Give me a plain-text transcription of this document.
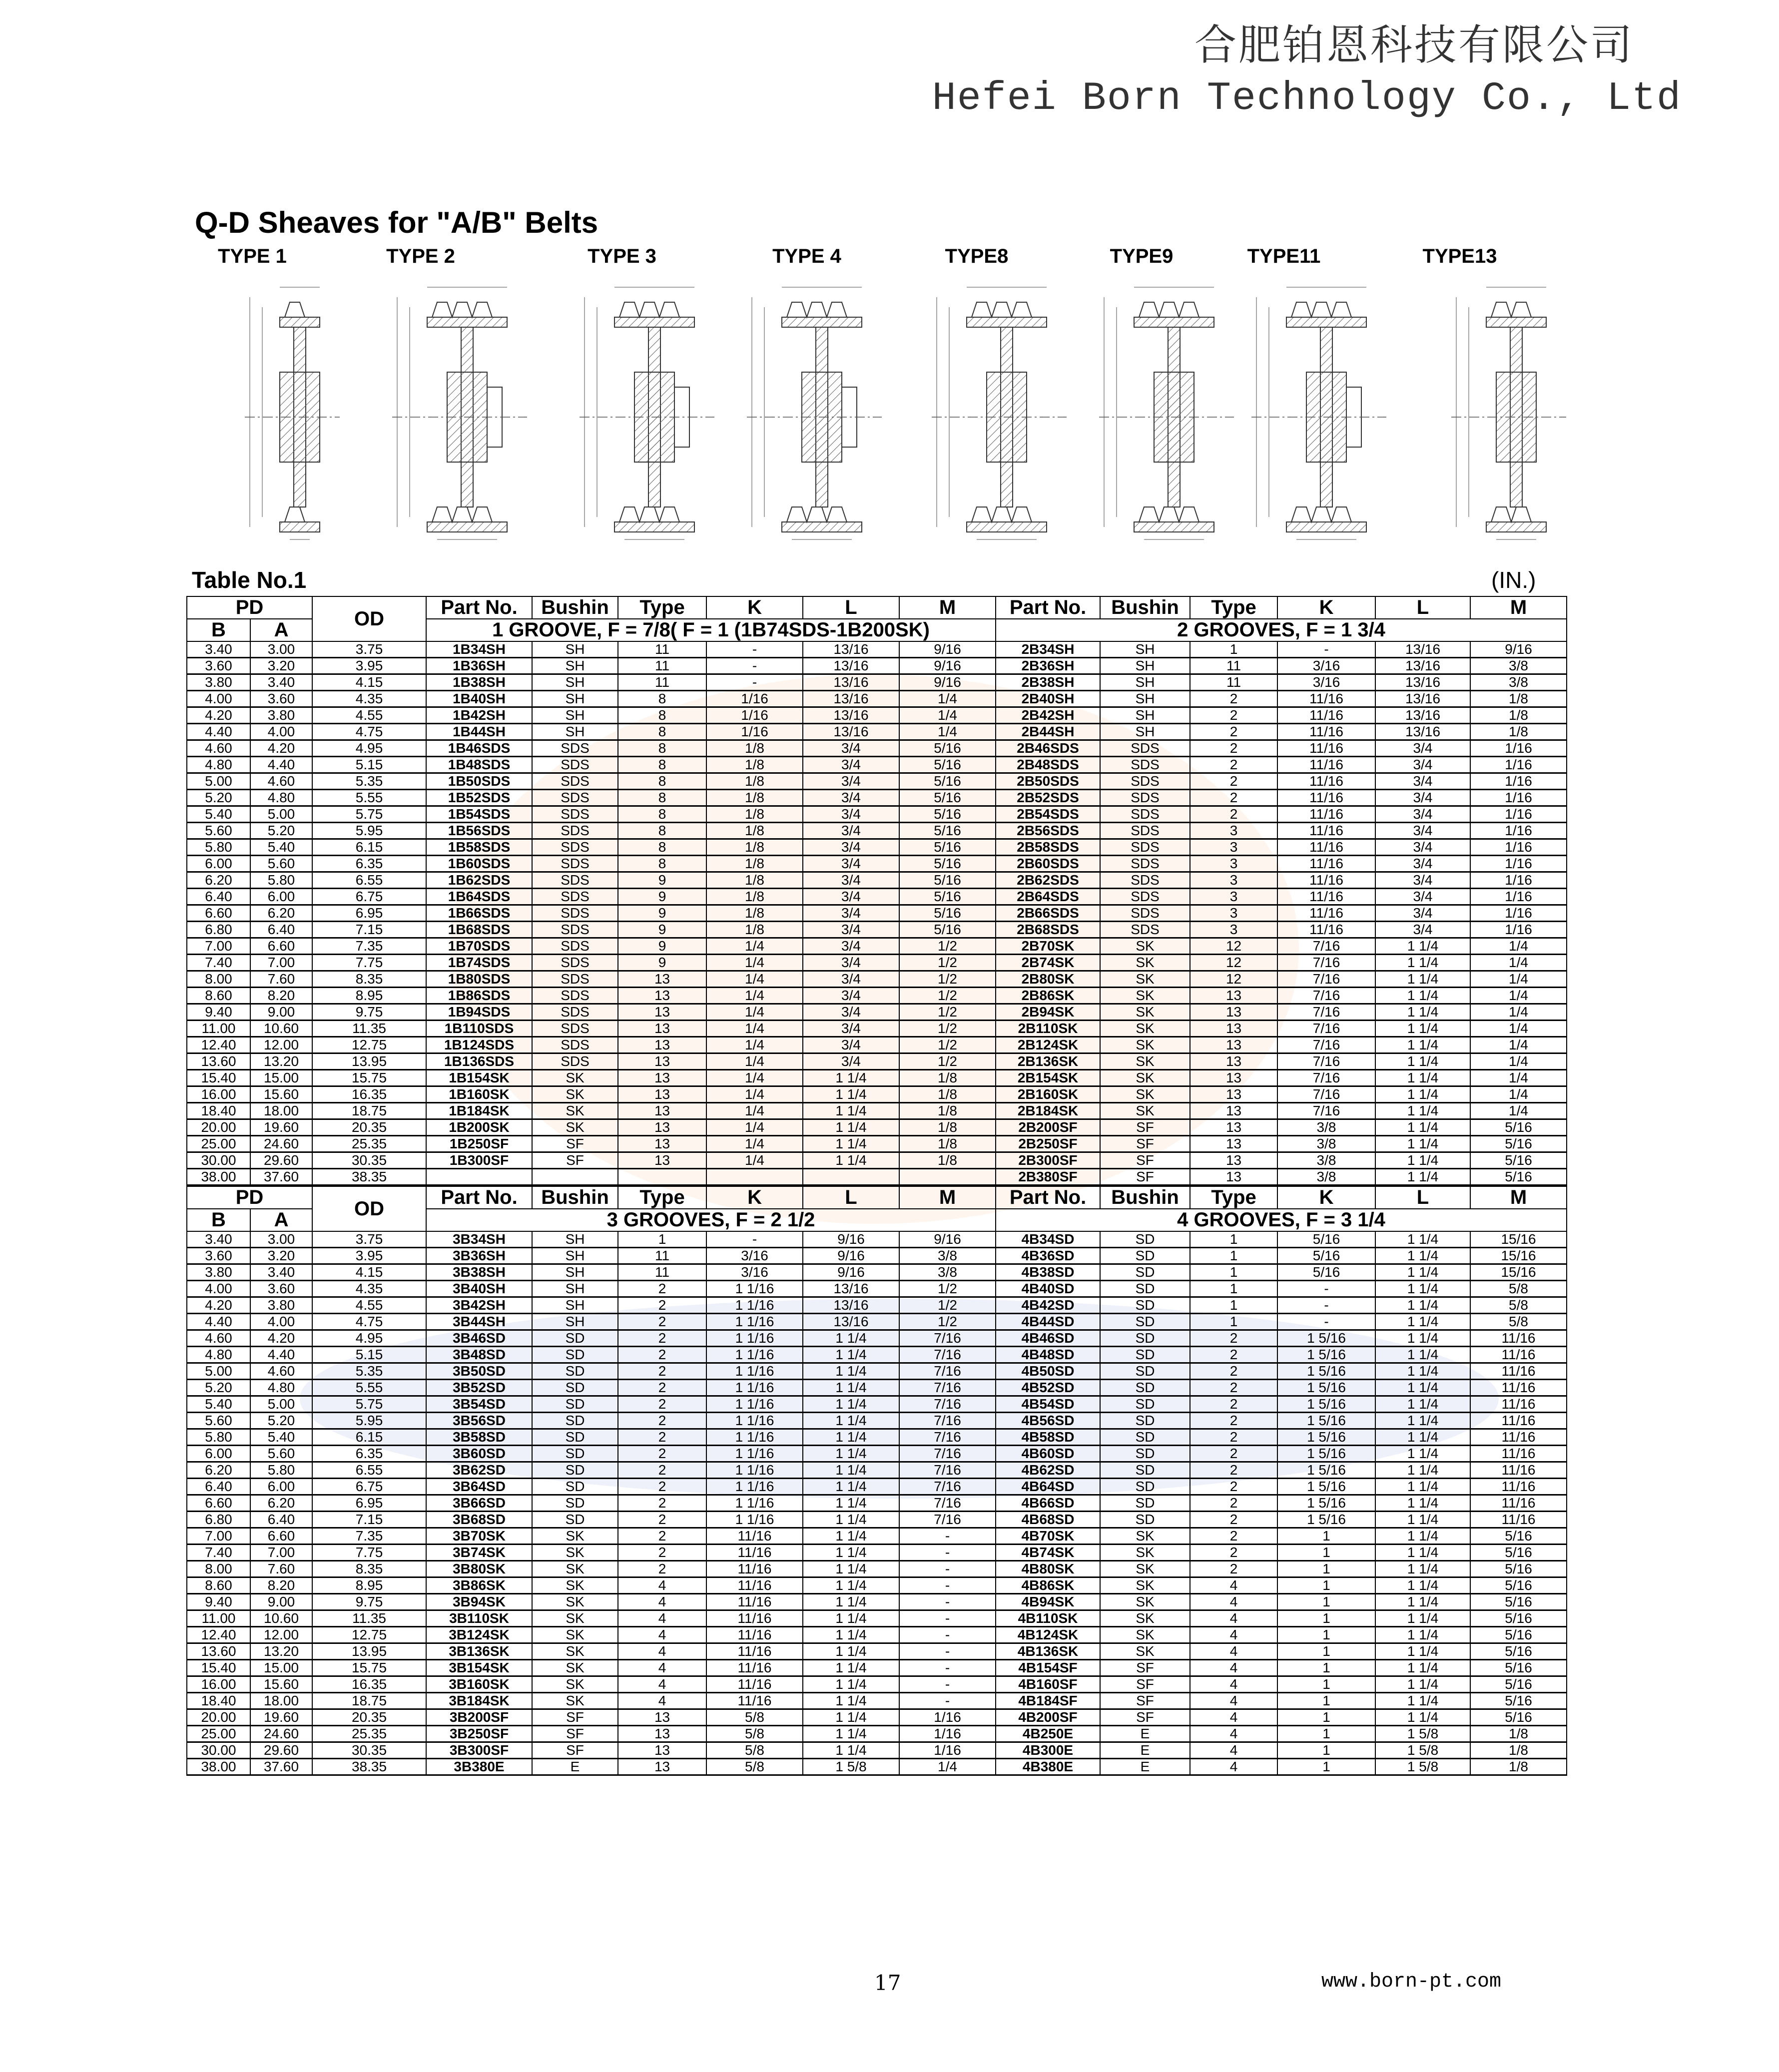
合肥铂恩科技有限公司
Hefei Born Technology Co., Ltd
Q-D Sheaves for "A/B" Belts
TYPE 1	TYPE 2	TYPE 3	TYPE 4	TYPE8	TYPE9	TYPE11	TYPE13
Table No.1	(IN.)
PD		OD	Part No.	Bushin	Type	K	L	M	Part No.	Bushin	Type	K	L	M
B	A		1 GROOVE, F = 7/8( F = 1 (1B74SDS-1B200SK)						2 GROOVES, F = 1 3/4					
3.40	3.00	3.75	1B34SH	SH	11	-	13/16	9/16	2B34SH	SH	1	-	13/16	9/16
3.60	3.20	3.95	1B36SH	SH	11	-	13/16	9/16	2B36SH	SH	11	3/16	13/16	3/8
3.80	3.40	4.15	1B38SH	SH	11	-	13/16	9/16	2B38SH	SH	11	3/16	13/16	3/8
4.00	3.60	4.35	1B40SH	SH	8	1/16	13/16	1/4	2B40SH	SH	2	11/16	13/16	1/8
4.20	3.80	4.55	1B42SH	SH	8	1/16	13/16	1/4	2B42SH	SH	2	11/16	13/16	1/8
4.40	4.00	4.75	1B44SH	SH	8	1/16	13/16	1/4	2B44SH	SH	2	11/16	13/16	1/8
4.60	4.20	4.95	1B46SDS	SDS	8	1/8	3/4	5/16	2B46SDS	SDS	2	11/16	3/4	1/16
4.80	4.40	5.15	1B48SDS	SDS	8	1/8	3/4	5/16	2B48SDS	SDS	2	11/16	3/4	1/16
5.00	4.60	5.35	1B50SDS	SDS	8	1/8	3/4	5/16	2B50SDS	SDS	2	11/16	3/4	1/16
5.20	4.80	5.55	1B52SDS	SDS	8	1/8	3/4	5/16	2B52SDS	SDS	2	11/16	3/4	1/16
5.40	5.00	5.75	1B54SDS	SDS	8	1/8	3/4	5/16	2B54SDS	SDS	2	11/16	3/4	1/16
5.60	5.20	5.95	1B56SDS	SDS	8	1/8	3/4	5/16	2B56SDS	SDS	3	11/16	3/4	1/16
5.80	5.40	6.15	1B58SDS	SDS	8	1/8	3/4	5/16	2B58SDS	SDS	3	11/16	3/4	1/16
6.00	5.60	6.35	1B60SDS	SDS	8	1/8	3/4	5/16	2B60SDS	SDS	3	11/16	3/4	1/16
6.20	5.80	6.55	1B62SDS	SDS	9	1/8	3/4	5/16	2B62SDS	SDS	3	11/16	3/4	1/16
6.40	6.00	6.75	1B64SDS	SDS	9	1/8	3/4	5/16	2B64SDS	SDS	3	11/16	3/4	1/16
6.60	6.20	6.95	1B66SDS	SDS	9	1/8	3/4	5/16	2B66SDS	SDS	3	11/16	3/4	1/16
6.80	6.40	7.15	1B68SDS	SDS	9	1/8	3/4	5/16	2B68SDS	SDS	3	11/16	3/4	1/16
7.00	6.60	7.35	1B70SDS	SDS	9	1/4	3/4	1/2	2B70SK	SK	12	7/16	1 1/4	1/4
7.40	7.00	7.75	1B74SDS	SDS	9	1/4	3/4	1/2	2B74SK	SK	12	7/16	1 1/4	1/4
8.00	7.60	8.35	1B80SDS	SDS	13	1/4	3/4	1/2	2B80SK	SK	12	7/16	1 1/4	1/4
8.60	8.20	8.95	1B86SDS	SDS	13	1/4	3/4	1/2	2B86SK	SK	13	7/16	1 1/4	1/4
9.40	9.00	9.75	1B94SDS	SDS	13	1/4	3/4	1/2	2B94SK	SK	13	7/16	1 1/4	1/4
11.00	10.60	11.35	1B110SDS	SDS	13	1/4	3/4	1/2	2B110SK	SK	13	7/16	1 1/4	1/4
12.40	12.00	12.75	1B124SDS	SDS	13	1/4	3/4	1/2	2B124SK	SK	13	7/16	1 1/4	1/4
13.60	13.20	13.95	1B136SDS	SDS	13	1/4	3/4	1/2	2B136SK	SK	13	7/16	1 1/4	1/4
15.40	15.00	15.75	1B154SK	SK	13	1/4	1 1/4	1/8	2B154SK	SK	13	7/16	1 1/4	1/4
16.00	15.60	16.35	1B160SK	SK	13	1/4	1 1/4	1/8	2B160SK	SK	13	7/16	1 1/4	1/4
18.40	18.00	18.75	1B184SK	SK	13	1/4	1 1/4	1/8	2B184SK	SK	13	7/16	1 1/4	1/4
20.00	19.60	20.35	1B200SK	SK	13	1/4	1 1/4	1/8	2B200SF	SF	13	3/8	1 1/4	5/16
25.00	24.60	25.35	1B250SF	SF	13	1/4	1 1/4	1/8	2B250SF	SF	13	3/8	1 1/4	5/16
30.00	29.60	30.35	1B300SF	SF	13	1/4	1 1/4	1/8	2B300SF	SF	13	3/8	1 1/4	5/16
38.00	37.60	38.35							2B380SF	SF	13	3/8	1 1/4	5/16
PD		OD	Part No.	Bushin	Type	K	L	M	Part No.	Bushin	Type	K	L	M
B	A		3 GROOVES, F = 2 1/2						4 GROOVES, F = 3 1/4					
3.40	3.00	3.75	3B34SH	SH	1	-	9/16	9/16	4B34SD	SD	1	5/16	1 1/4	15/16
3.60	3.20	3.95	3B36SH	SH	11	3/16	9/16	3/8	4B36SD	SD	1	5/16	1 1/4	15/16
3.80	3.40	4.15	3B38SH	SH	11	3/16	9/16	3/8	4B38SD	SD	1	5/16	1 1/4	15/16
4.00	3.60	4.35	3B40SH	SH	2	1 1/16	13/16	1/2	4B40SD	SD	1	-	1 1/4	5/8
4.20	3.80	4.55	3B42SH	SH	2	1 1/16	13/16	1/2	4B42SD	SD	1	-	1 1/4	5/8
4.40	4.00	4.75	3B44SH	SH	2	1 1/16	13/16	1/2	4B44SD	SD	1	-	1 1/4	5/8
4.60	4.20	4.95	3B46SD	SD	2	1 1/16	1 1/4	7/16	4B46SD	SD	2	1 5/16	1 1/4	11/16
4.80	4.40	5.15	3B48SD	SD	2	1 1/16	1 1/4	7/16	4B48SD	SD	2	1 5/16	1 1/4	11/16
5.00	4.60	5.35	3B50SD	SD	2	1 1/16	1 1/4	7/16	4B50SD	SD	2	1 5/16	1 1/4	11/16
5.20	4.80	5.55	3B52SD	SD	2	1 1/16	1 1/4	7/16	4B52SD	SD	2	1 5/16	1 1/4	11/16
5.40	5.00	5.75	3B54SD	SD	2	1 1/16	1 1/4	7/16	4B54SD	SD	2	1 5/16	1 1/4	11/16
5.60	5.20	5.95	3B56SD	SD	2	1 1/16	1 1/4	7/16	4B56SD	SD	2	1 5/16	1 1/4	11/16
5.80	5.40	6.15	3B58SD	SD	2	1 1/16	1 1/4	7/16	4B58SD	SD	2	1 5/16	1 1/4	11/16
6.00	5.60	6.35	3B60SD	SD	2	1 1/16	1 1/4	7/16	4B60SD	SD	2	1 5/16	1 1/4	11/16
6.20	5.80	6.55	3B62SD	SD	2	1 1/16	1 1/4	7/16	4B62SD	SD	2	1 5/16	1 1/4	11/16
6.40	6.00	6.75	3B64SD	SD	2	1 1/16	1 1/4	7/16	4B64SD	SD	2	1 5/16	1 1/4	11/16
6.60	6.20	6.95	3B66SD	SD	2	1 1/16	1 1/4	7/16	4B66SD	SD	2	1 5/16	1 1/4	11/16
6.80	6.40	7.15	3B68SD	SD	2	1 1/16	1 1/4	7/16	4B68SD	SD	2	1 5/16	1 1/4	11/16
7.00	6.60	7.35	3B70SK	SK	2	11/16	1 1/4	-	4B70SK	SK	2	1	1 1/4	5/16
7.40	7.00	7.75	3B74SK	SK	2	11/16	1 1/4	-	4B74SK	SK	2	1	1 1/4	5/16
8.00	7.60	8.35	3B80SK	SK	2	11/16	1 1/4	-	4B80SK	SK	2	1	1 1/4	5/16
8.60	8.20	8.95	3B86SK	SK	4	11/16	1 1/4	-	4B86SK	SK	4	1	1 1/4	5/16
9.40	9.00	9.75	3B94SK	SK	4	11/16	1 1/4	-	4B94SK	SK	4	1	1 1/4	5/16
11.00	10.60	11.35	3B110SK	SK	4	11/16	1 1/4	-	4B110SK	SK	4	1	1 1/4	5/16
12.40	12.00	12.75	3B124SK	SK	4	11/16	1 1/4	-	4B124SK	SK	4	1	1 1/4	5/16
13.60	13.20	13.95	3B136SK	SK	4	11/16	1 1/4	-	4B136SK	SK	4	1	1 1/4	5/16
15.40	15.00	15.75	3B154SK	SK	4	11/16	1 1/4	-	4B154SF	SF	4	1	1 1/4	5/16
16.00	15.60	16.35	3B160SK	SK	4	11/16	1 1/4	-	4B160SF	SF	4	1	1 1/4	5/16
18.40	18.00	18.75	3B184SK	SK	4	11/16	1 1/4	-	4B184SF	SF	4	1	1 1/4	5/16
20.00	19.60	20.35	3B200SF	SF	13	5/8	1 1/4	1/16	4B200SF	SF	4	1	1 1/4	5/16
25.00	24.60	25.35	3B250SF	SF	13	5/8	1 1/4	1/16	4B250E	E	4	1	1 5/8	1/8
30.00	29.60	30.35	3B300SF	SF	13	5/8	1 1/4	1/16	4B300E	E	4	1	1 5/8	1/8
38.00	37.60	38.35	3B380E	E	13	5/8	1 5/8	1/4	4B380E	E	4	1	1 5/8	1/8
17	www.born-pt.com
